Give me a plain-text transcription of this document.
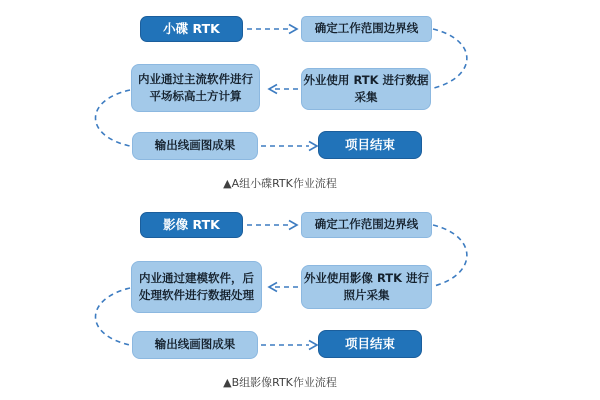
小碟 RTK	确定工作范围边界线
内业通过主流软件进行
平场标高土方计算
外业使用 RTK 进行数据
采集
输出线画图成果	项目结束
▲A组小碟RTK作业流程
影像 RTK	确定工作范围边界线
内业通过建模软件，后
处理软件进行数据处理
外业使用影像 RTK 进行
照片采集
输出线画图成果	项目结束
▲B组影像RTK作业流程
